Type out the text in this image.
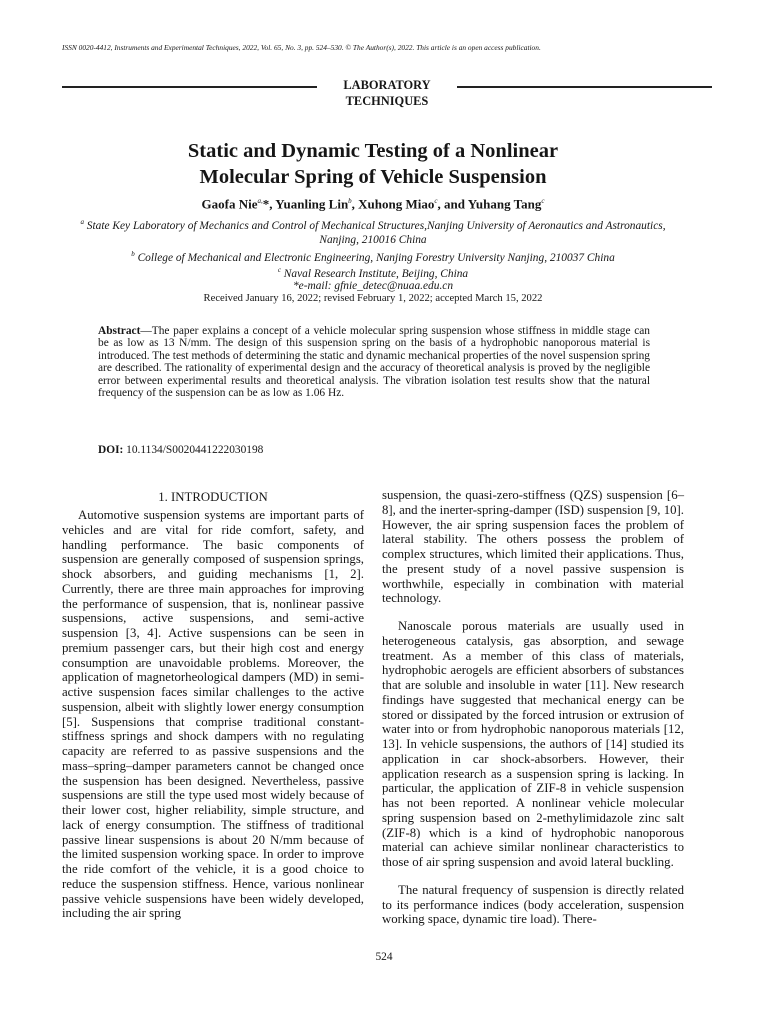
ISSN 0020-4412, Instruments and Experimental Techniques, 2022, Vol. 65, No. 3, pp. 524–530. © The Author(s), 2022. This article is an open access publication.
LABORATORY
TECHNIQUES
Static and Dynamic Testing of a Nonlinear
Molecular Spring of Vehicle Suspension
Gaofa Nie$^{a,}$*, Yuanling Lin$^b$, Xuhong Miao$^c$, and Yuhang Tang$^c$
$^a$ State Key Laboratory of Mechanics and Control of Mechanical Structures,Nanjing University of Aeronautics and Astronautics,
Nanjing, 210016 China
$^b$ College of Mechanical and Electronic Engineering, Nanjing Forestry University Nanjing, 210037 China
$^c$ Naval Research Institute, Beijing, China
*e-mail: gfnie_detec@nuaa.edu.cn
Received January 16, 2022; revised February 1, 2022; accepted March 15, 2022
Abstract—The paper explains a concept of a vehicle molecular spring suspension whose stiffness in middle stage can be as low as 13 N/mm. The design of this suspension spring on the basis of a hydrophobic nanoporous material is introduced. The test methods of determining the static and dynamic mechanical properties of the novel suspension spring are described. The rationality of experimental design and the accuracy of theoretical analysis is proved by the negligible error between experimental results and theoretical analysis. The vibration isolation test results show that the natural frequency of the suspension can be as low as 1.06 Hz.
DOI: 10.1134/S0020441222030198
1. INTRODUCTION

Automotive suspension systems are important parts of vehicles and are vital for ride comfort, safety, and handling performance. The basic components of suspension are generally composed of suspension springs, shock absorbers, and guiding mechanisms [1, 2]. Currently, there are three main approaches for improving the performance of suspension, that is, nonlinear passive suspensions, active suspensions, and semi-active suspension [3, 4]. Active suspensions can be seen in premium passenger cars, but their high cost and energy consumption are unavoidable problems. Moreover, the application of magnetorheological dampers (MD) in semi-active suspension faces similar challenges to the active suspension, albeit with slightly lower energy consumption [5]. Suspensions that comprise traditional constant-stiffness springs and shock dampers with no regulating capacity are referred to as passive suspensions and the mass–spring–damper parameters cannot be changed once the suspension has been designed. Nevertheless, passive suspensions are still the type used most widely because of their lower cost, higher reliability, simple structure, and lack of energy consumption. The stiffness of traditional passive linear suspensions is about 20 N/mm because of the limited suspension working space. In order to improve the ride comfort of the vehicle, it is a good choice to reduce the suspension stiffness. Hence, various nonlinear passive vehicle suspensions have been widely developed, including the air spring

suspension, the quasi-zero-stiffness (QZS) suspension [6–8], and the inerter-spring-damper (ISD) suspension [9, 10]. However, the air spring suspension faces the problem of lateral stability. The others possess the problem of complex structures, which limited their applications. Thus, the present study of a novel passive suspension is worthwhile, especially in combination with material technology.

Nanoscale porous materials are usually used in heterogeneous catalysis, gas absorption, and sewage treatment. As a member of this class of materials, hydrophobic aerogels are efficient absorbers of substances that are soluble and insoluble in water [11]. New research findings have suggested that mechanical energy can be stored or dissipated by the forced intrusion or extrusion of water into or from hydrophobic nanoporous materials [12, 13]. In vehicle suspensions, the authors of [14] studied its application in car shock-absorbers. However, their application research as a suspension spring is lacking. In particular, the application of ZIF-8 in vehicle suspension has not been reported. A nonlinear vehicle molecular spring suspension based on 2-methylimidazole zinc salt (ZIF-8) which is a kind of hydrophobic nanoporous material can achieve similar nonlinear characteristics to those of air spring suspension and avoid lateral buckling.

The natural frequency of suspension is directly related to its performance indices (body acceleration, suspension working space, dynamic tire load). There-

524
